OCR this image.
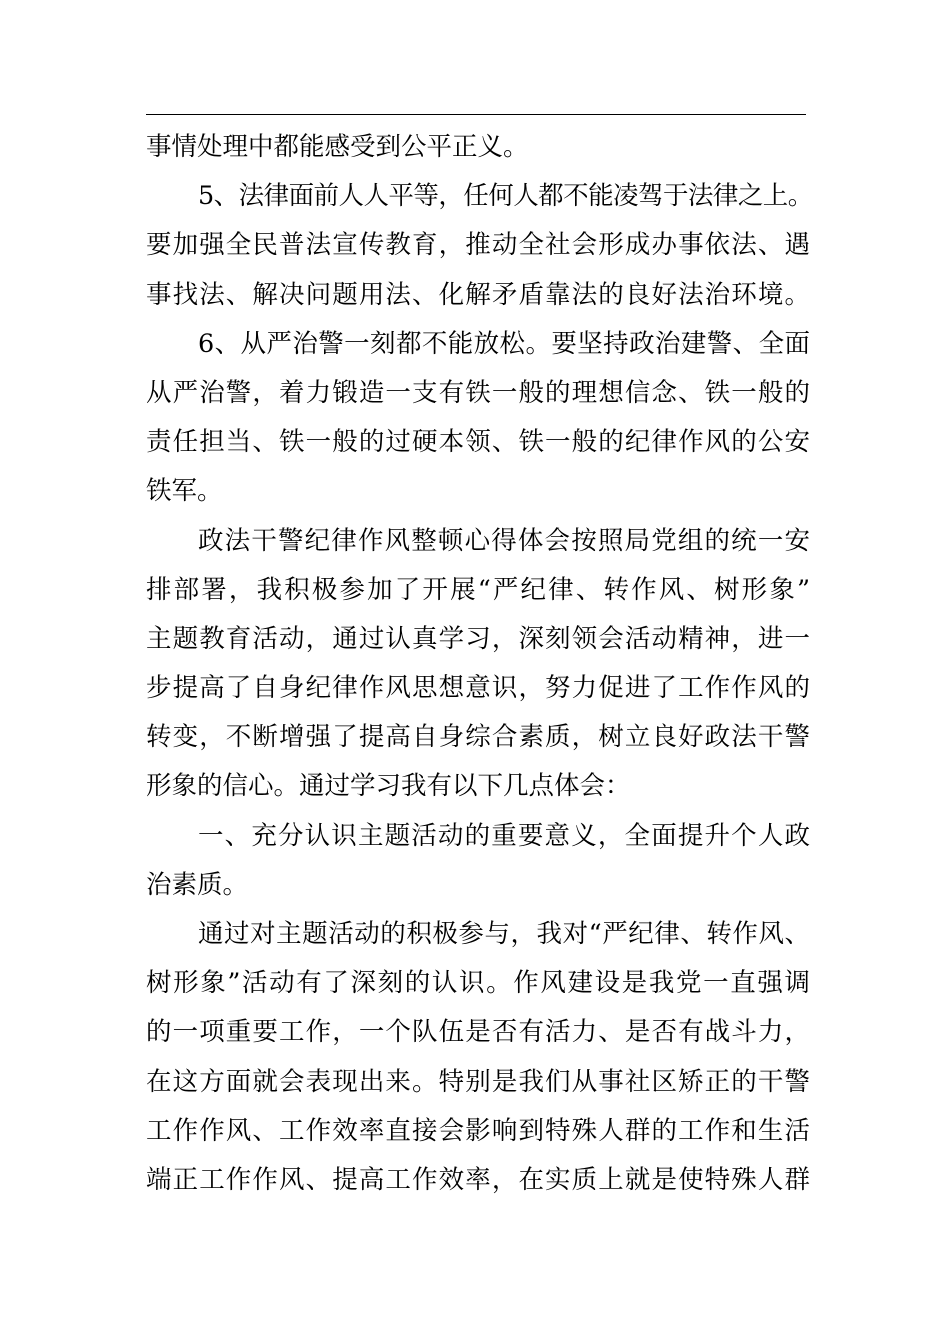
事情处理中都能感受到公平正义。
5、法律面前人人平等，任何人都不能凌驾于法律之上。
要加强全民普法宣传教育，推动全社会形成办事依法、遇
事找法、解决问题用法、化解矛盾靠法的良好法治环境。
6、从严治警一刻都不能放松。要坚持政治建警、全面
从严治警，着力锻造一支有铁一般的理想信念、铁一般的
责任担当、铁一般的过硬本领、铁一般的纪律作风的公安
铁军。
政法干警纪律作风整顿心得体会按照局党组的统一安
排部署，我积极参加了开展“严纪律、转作风、树形象”
主题教育活动，通过认真学习，深刻领会活动精神，进一
步提高了自身纪律作风思想意识，努力促进了工作作风的
转变，不断增强了提高自身综合素质，树立良好政法干警
形象的信心。通过学习我有以下几点体会：
一、充分认识主题活动的重要意义，全面提升个人政
治素质。
通过对主题活动的积极参与，我对“严纪律、转作风、
树形象”活动有了深刻的认识。作风建设是我党一直强调
的一项重要工作，一个队伍是否有活力、是否有战斗力，
在这方面就会表现出来。特别是我们从事社区矫正的干警
工作作风、工作效率直接会影响到特殊人群的工作和生活
端正工作作风、提高工作效率，在实质上就是使特殊人群
